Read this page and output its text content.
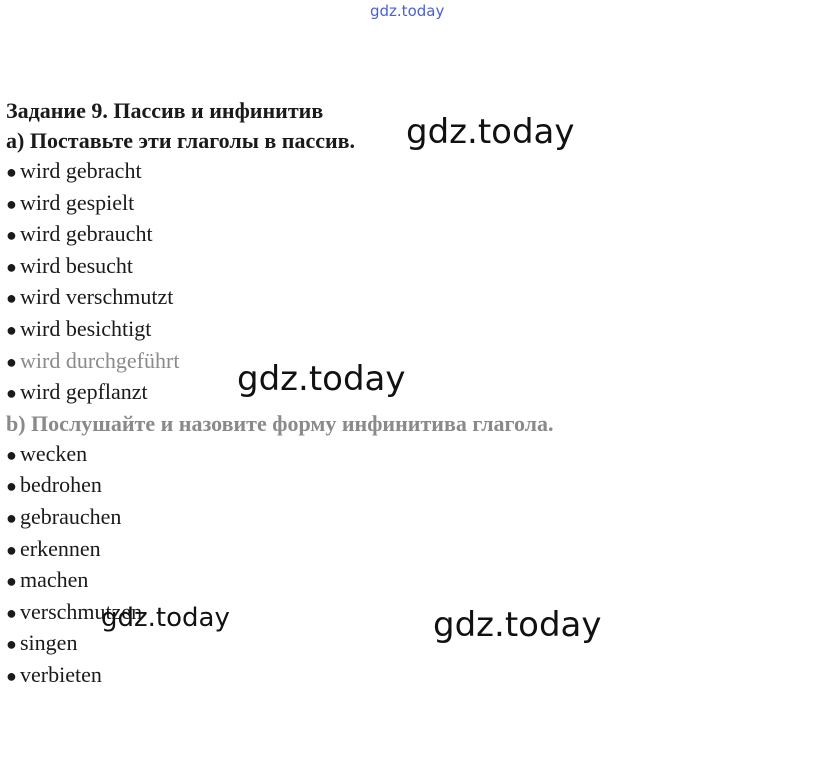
gdz.today
Задание 9. Пассив и инфинитив
а) Поставьте эти глаголы в пассив.
● wird gebracht
● wird gespielt
● wird gebraucht
● wird besucht
● wird verschmutzt
● wird besichtigt
● wird durchgeführt
● wird gepflanzt
b) Послушайте и назовите форму инфинитива глагола.
● wecken
● bedrohen
● gebrauchen
● erkennen
● machen
● verschmutzen
● singen
● verbieten
gdz.today
gdz.today
gdz.today	gdz.today
